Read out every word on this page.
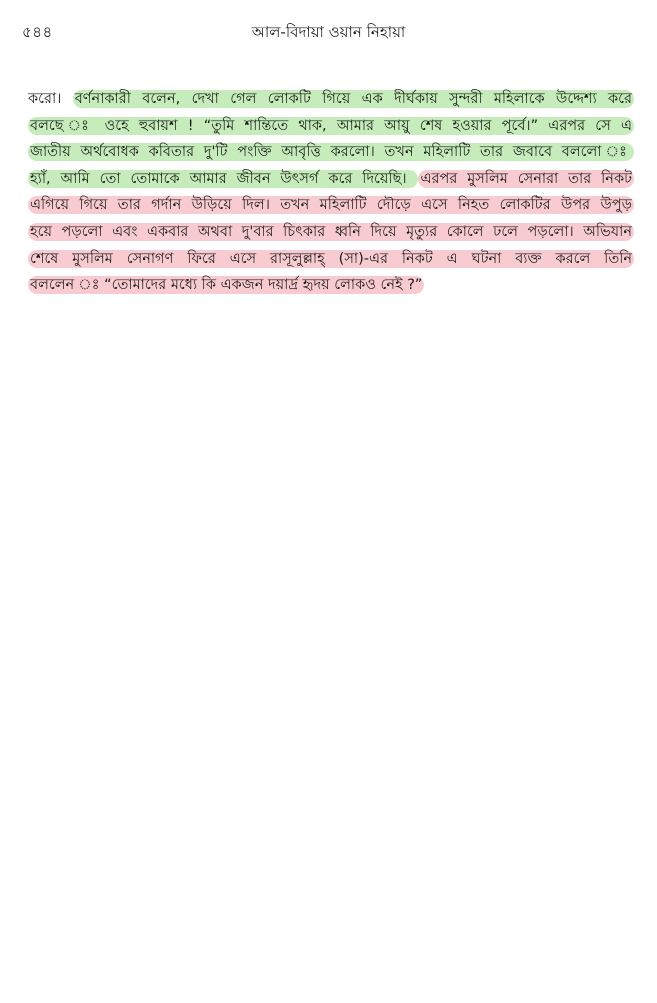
৫৪৪	আল-বিদায়া ওয়ান নিহায়া
করো। বর্ণনাকারী বলেন, দেখা গেল লোকটি গিয়ে এক দীর্ঘকায় সুন্দরী মহিলাকে উদ্দেশ্য করে
বলছে ঃ ওহে হুবায়শ ! “তুমি শান্তিতে থাক, আমার আয়ু শেষ হওয়ার পূর্বে।” এরপর সে এ
জাতীয় অর্থবোধক কবিতার দু'টি পংক্তি আবৃত্তি করলো। তখন মহিলাটি তার জবাবে বললো ঃ
হ্যাঁ, আমি তো তোমাকে আমার জীবন উৎসর্গ করে দিয়েছি। এরপর মুসলিম সেনারা তার নিকট
এগিয়ে গিয়ে তার গর্দান উড়িয়ে দিল। তখন মহিলাটি দৌড়ে এসে নিহত লোকটির উপর উপুড়
হয়ে পড়লো এবং একবার অথবা দু'বার চিৎকার ধ্বনি দিয়ে মৃত্যুর কোলে ঢলে পড়লো। অভিযান
শেষে মুসলিম সেনাগণ ফিরে এসে রাসূলুল্লাহ্ (সা)-এর নিকট এ ঘটনা ব্যক্ত করলে তিনি
বললেন ঃ “তোমাদের মধ্যে কি একজন দয়ার্দ্র হৃদয় লোকও নেই ?”
